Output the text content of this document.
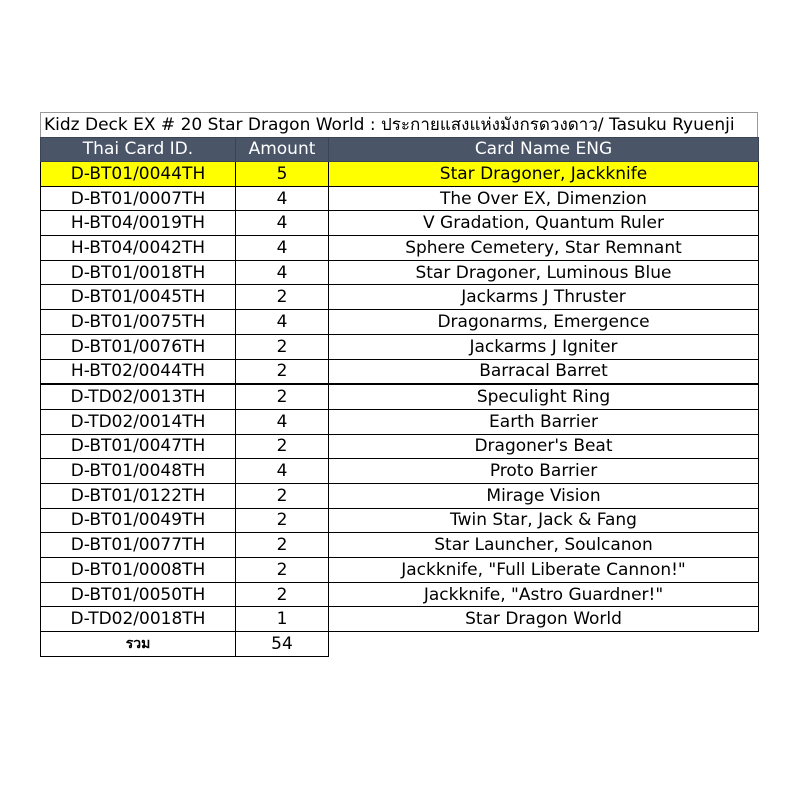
Kidz Deck EX # 20 Star Dragon World : ประกายแสงแห่งมังกรดวงดาว/ Tasuku Ryuenji
Thai Card ID.	Amount	Card Name ENG
D-BT01/0044TH	5	Star Dragoner, Jackknife
D-BT01/0007TH	4	The Over EX, Dimenzion
H-BT04/0019TH	4	V Gradation, Quantum Ruler
H-BT04/0042TH	4	Sphere Cemetery, Star Remnant
D-BT01/0018TH	4	Star Dragoner, Luminous Blue
D-BT01/0045TH	2	Jackarms J Thruster
D-BT01/0075TH	4	Dragonarms, Emergence
D-BT01/0076TH	2	Jackarms J Igniter
H-BT02/0044TH	2	Barracal Barret
D-TD02/0013TH	2	Speculight Ring
D-TD02/0014TH	4	Earth Barrier
D-BT01/0047TH	2	Dragoner's Beat
D-BT01/0048TH	4	Proto Barrier
D-BT01/0122TH	2	Mirage Vision
D-BT01/0049TH	2	Twin Star, Jack & Fang
D-BT01/0077TH	2	Star Launcher, Soulcanon
D-BT01/0008TH	2	Jackknife, "Full Liberate Cannon!"
D-BT01/0050TH	2	Jackknife, "Astro Guardner!"
D-TD02/0018TH	1	Star Dragon World
รวม	54	
